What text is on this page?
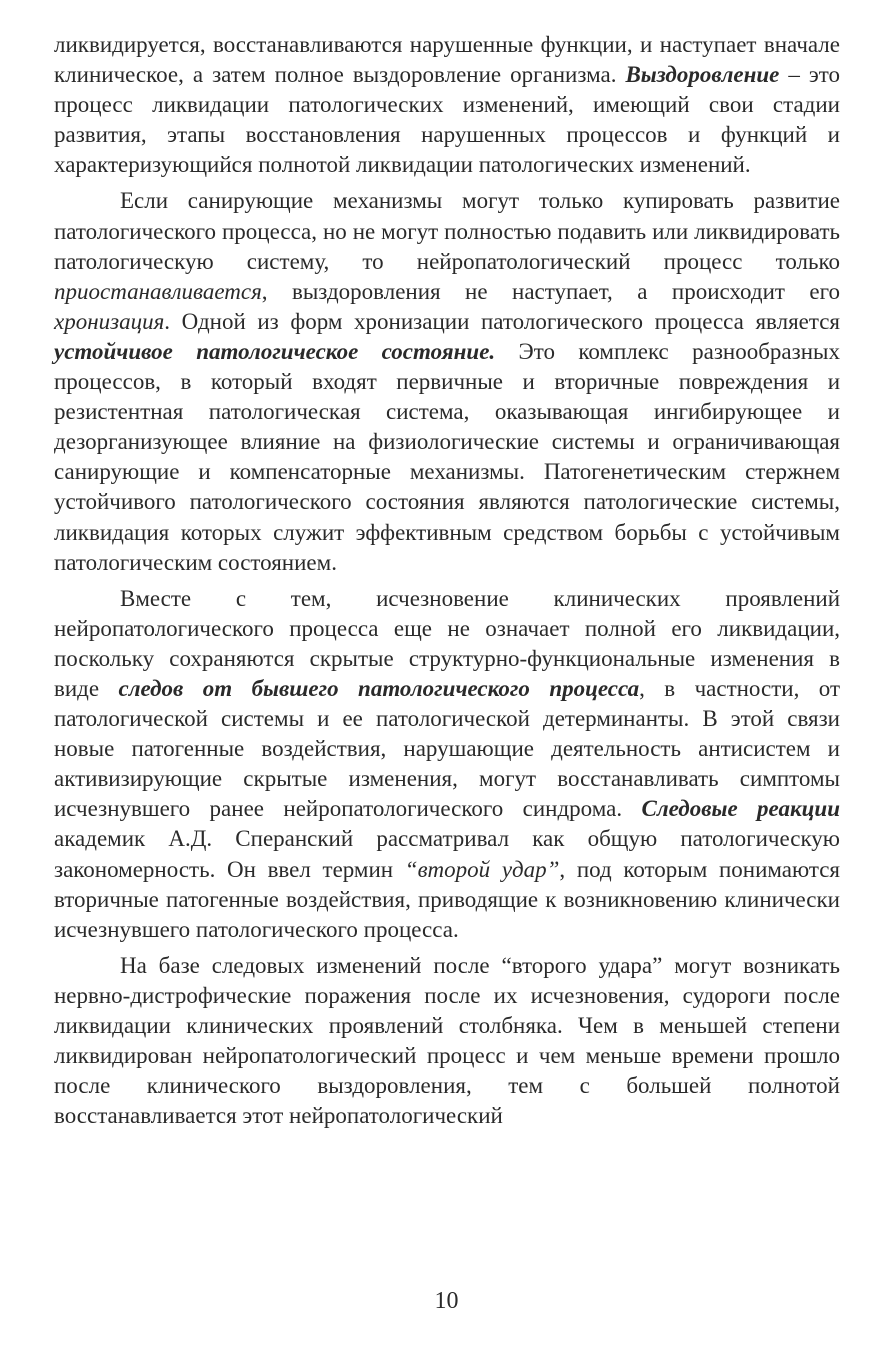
ликвидируется, восстанавливаются нарушенные функции, и наступает вначале клиническое, а затем полное выздоровление организма. Выздоровление – это процесс ликвидации патологических изменений, имеющий свои стадии развития, этапы восстановления нарушенных процессов и функций и характеризующийся полнотой ликвидации патологических изменений.

Если санирующие механизмы могут только купировать развитие патологического процесса, но не могут полностью подавить или ликвидировать патологическую систему, то нейропатологический процесс только приостанавливается, выздоровления не наступает, а происходит его хронизация. Одной из форм хронизации патологического процесса является устойчивое патологическое состояние. Это комплекс разнообразных процессов, в который входят первичные и вторичные повреждения и резистентная патологическая система, оказывающая ингибирующее и дезорганизующее влияние на физиологические системы и ограничивающая санирующие и компенсаторные механизмы. Патогенетическим стержнем устойчивого патологического состояния являются патологические системы, ликвидация которых служит эффективным средством борьбы с устойчивым патологическим состоянием.

Вместе с тем, исчезновение клинических проявлений нейропатологического процесса еще не означает полной его ликвидации, поскольку сохраняются скрытые структурно-функциональные изменения в виде следов от бывшего патологического процесса, в частности, от патологической системы и ее патологической детерминанты. В этой связи новые патогенные воздействия, нарушающие деятельность антисистем и активизирующие скрытые изменения, могут восстанавливать симптомы исчезнувшего ранее нейропатологического синдрома. Следовые реакции академик А.Д. Сперанский рассматривал как общую патологическую закономерность. Он ввел термин “второй удар”, под которым понимаются вторичные патогенные воздействия, приводящие к возникновению клинически исчезнувшего патологического процесса.

На базе следовых изменений после “второго удара” могут возникать нервно-дистрофические поражения после их исчезновения, судороги после ликвидации клинических проявлений столбняка. Чем в меньшей степени ликвидирован нейропатологический процесс и чем меньше времени прошло после клинического выздоровления, тем с большей полнотой восстанавливается этот нейропатологический

10
